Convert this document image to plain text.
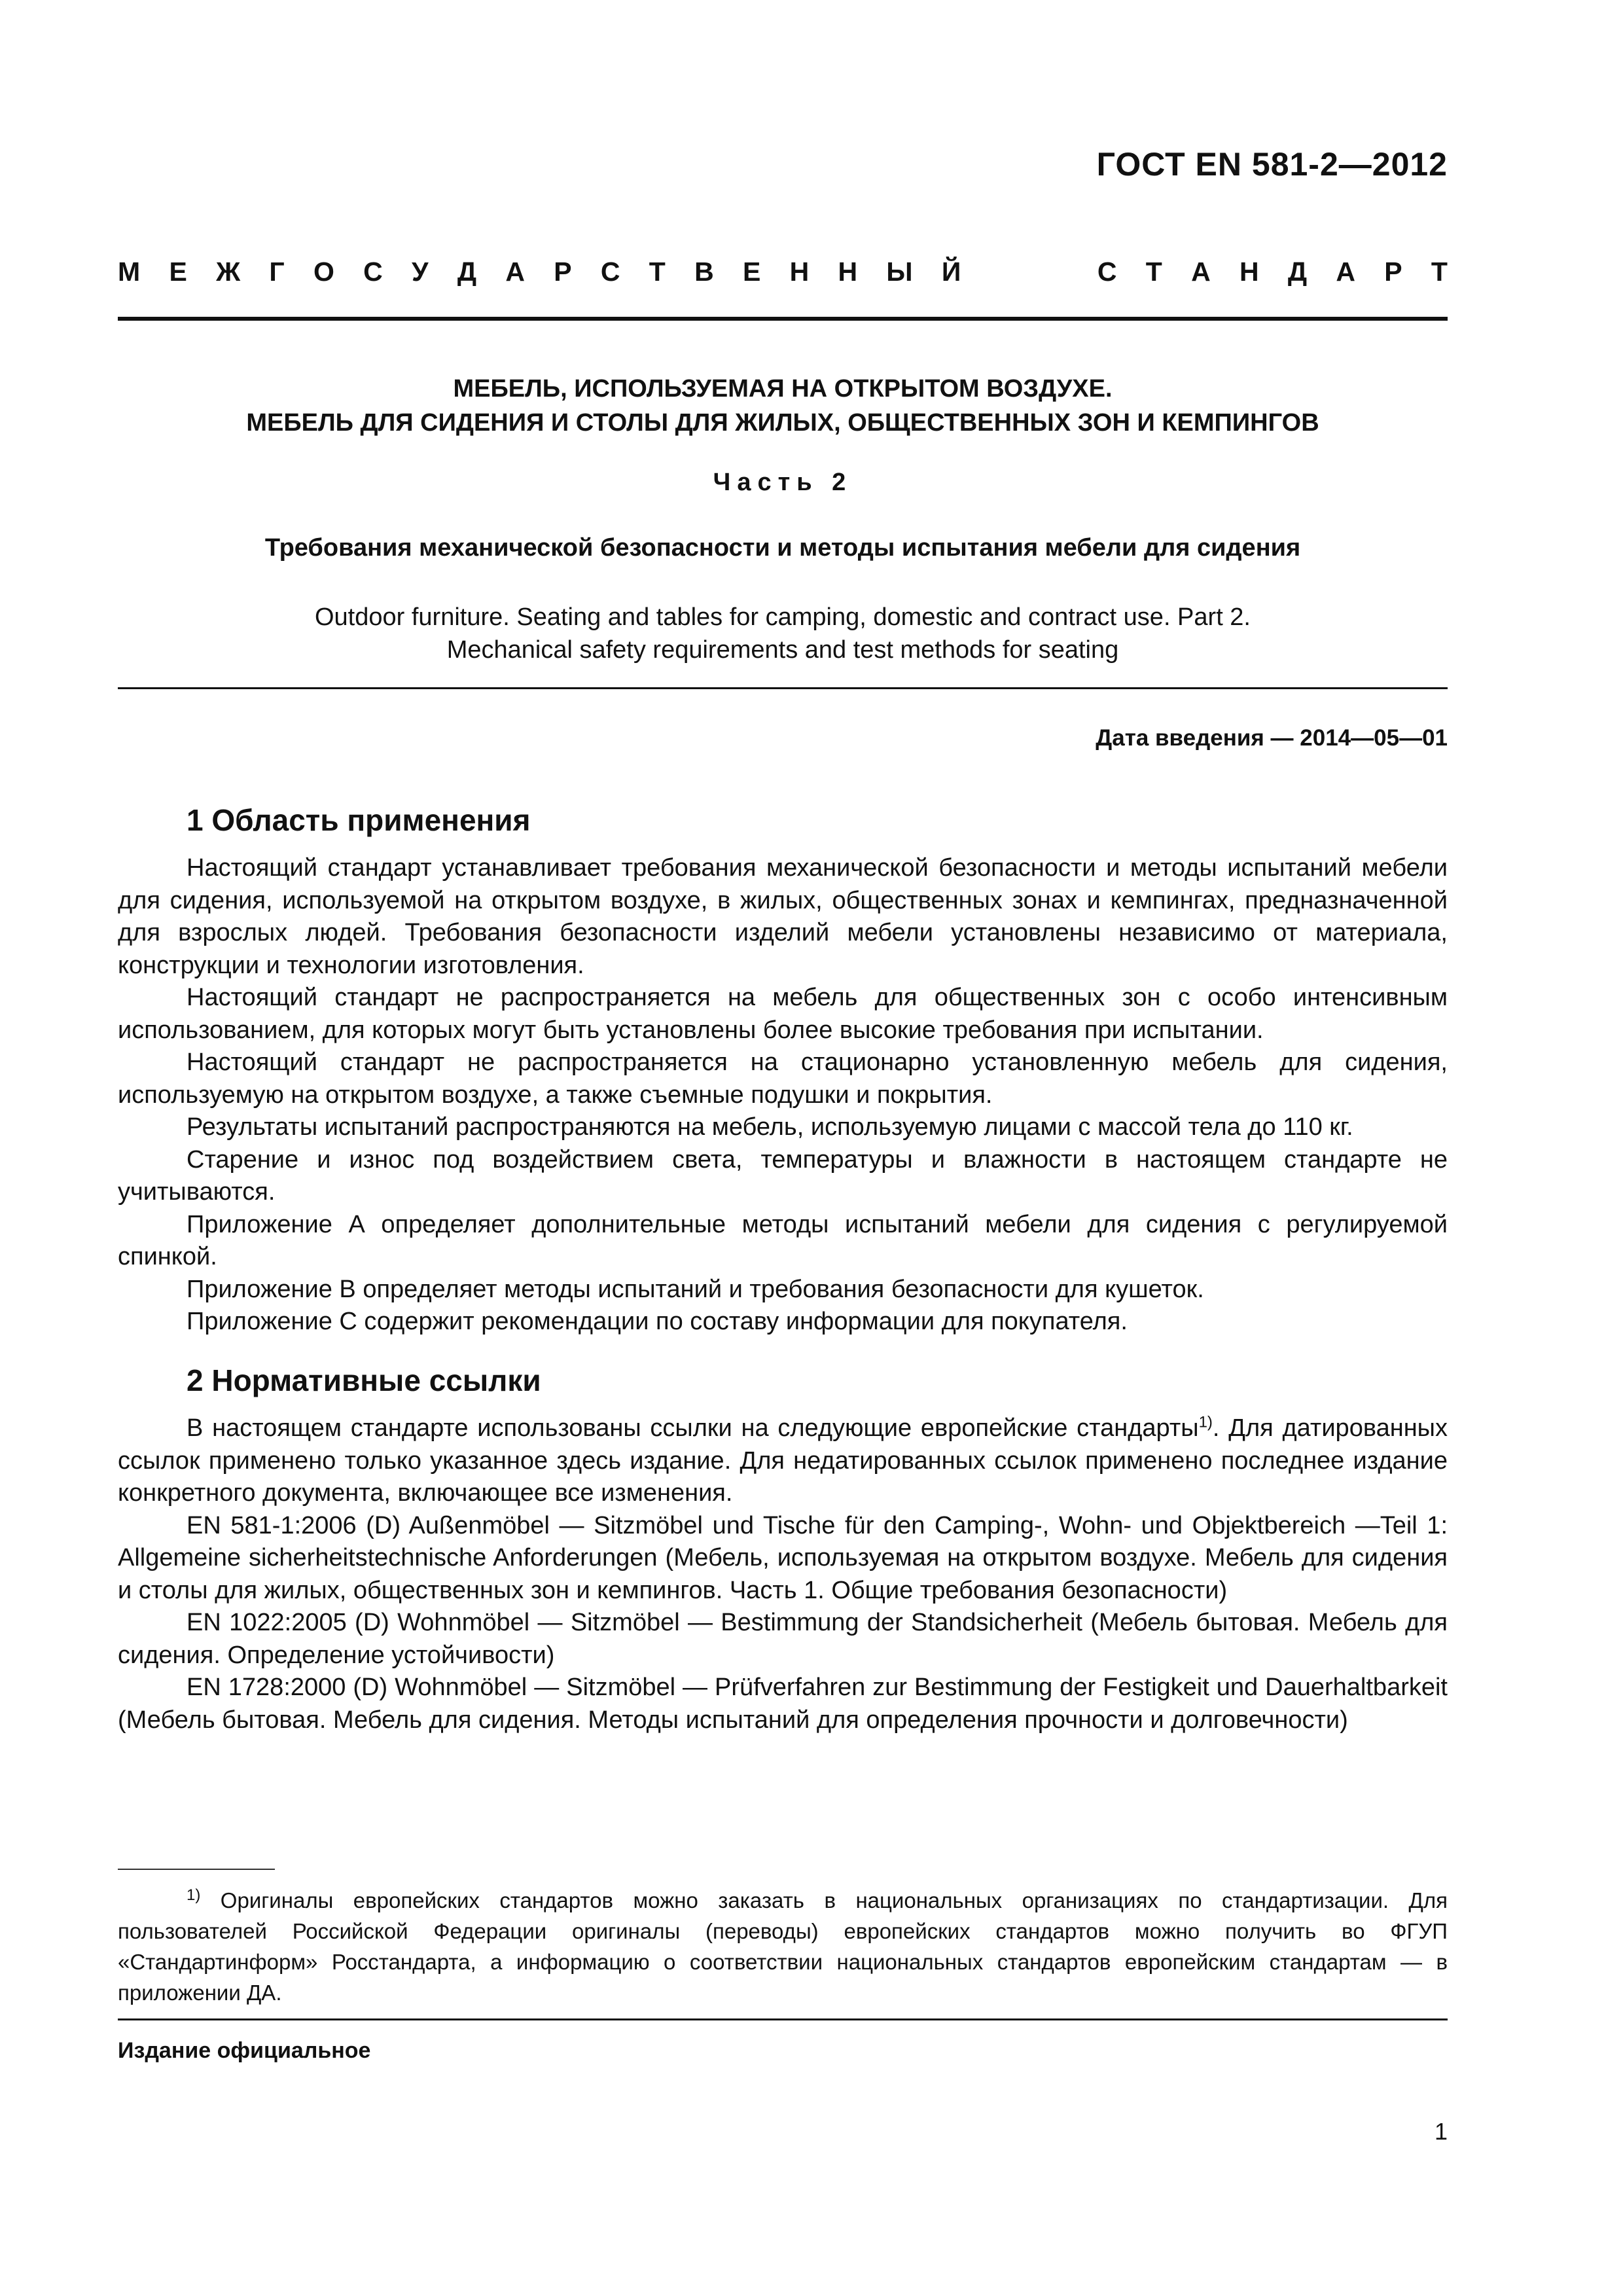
ГОСТ EN 581-2—2012
М Е Ж Г О С У Д А Р С Т В Е Н Н Ы Й	С Т А Н Д А Р Т
МЕБЕЛЬ, ИСПОЛЬЗУЕМАЯ НА ОТКРЫТОМ ВОЗДУХЕ.
МЕБЕЛЬ ДЛЯ СИДЕНИЯ И СТОЛЫ ДЛЯ ЖИЛЫХ, ОБЩЕСТВЕННЫХ ЗОН И КЕМПИНГОВ
Часть 2
Требования механической безопасности и методы испытания мебели для сидения
Outdoor furniture. Seating and tables for camping, domestic and contract use. Part 2.
Mechanical safety requirements and test methods for seating
Дата введения — 2014—05—01
1 Область применения

Настоящий стандарт устанавливает требования механической безопасности и методы испытаний мебели для сидения, используемой на открытом воздухе, в жилых, общественных зонах и кемпингах, предназначенной для взрослых людей. Требования безопасности изделий мебели установлены независимо от материала, конструкции и технологии изготовления.

Настоящий стандарт не распространяется на мебель для общественных зон с особо интенсивным использованием, для которых могут быть установлены более высокие требования при испытании.

Настоящий стандарт не распространяется на стационарно установленную мебель для сидения, используемую на открытом воздухе, а также съемные подушки и покрытия.

Результаты испытаний распространяются на мебель, используемую лицами с массой тела до 110 кг.

Старение и износ под воздействием света, температуры и влажности в настоящем стандарте не учитываются.

Приложение А определяет дополнительные методы испытаний мебели для сидения с регулируемой спинкой.

Приложение В определяет методы испытаний и требования безопасности для кушеток.

Приложение С содержит рекомендации по составу информации для покупателя.

2 Нормативные ссылки

В настоящем стандарте использованы ссылки на следующие европейские стандарты$^{1)}$. Для датированных ссылок применено только указанное здесь издание. Для недатированных ссылок применено последнее издание конкретного документа, включающее все изменения.

EN 581-1:2006 (D) Außenmöbel — Sitzmöbel und Tische für den Camping-, Wohn- und Objektbereich —Teil 1: Allgemeine sicherheitstechnische Anforderungen (Мебель, используемая на открытом воздухе. Мебель для сидения и столы для жилых, общественных зон и кемпингов. Часть 1. Общие требования безопасности)

EN 1022:2005 (D) Wohnmöbel — Sitzmöbel — Bestimmung der Standsicherheit (Мебель бытовая. Мебель для сидения. Определение устойчивости)

EN 1728:2000 (D) Wohnmöbel — Sitzmöbel — Prüfverfahren zur Bestimmung der Festigkeit und Dauerhaltbarkeit (Мебель бытовая. Мебель для сидения. Методы испытаний для определения прочности и долговечности)

$^{1)}$ Оригиналы европейских стандартов можно заказать в национальных организациях по стандартизации. Для пользователей Российской Федерации оригиналы (переводы) европейских стандартов можно получить во ФГУП «Стандартинформ» Росстандарта, а информацию о соответствии национальных стандартов европейским стандартам — в приложении ДА.
Издание официальное
1
